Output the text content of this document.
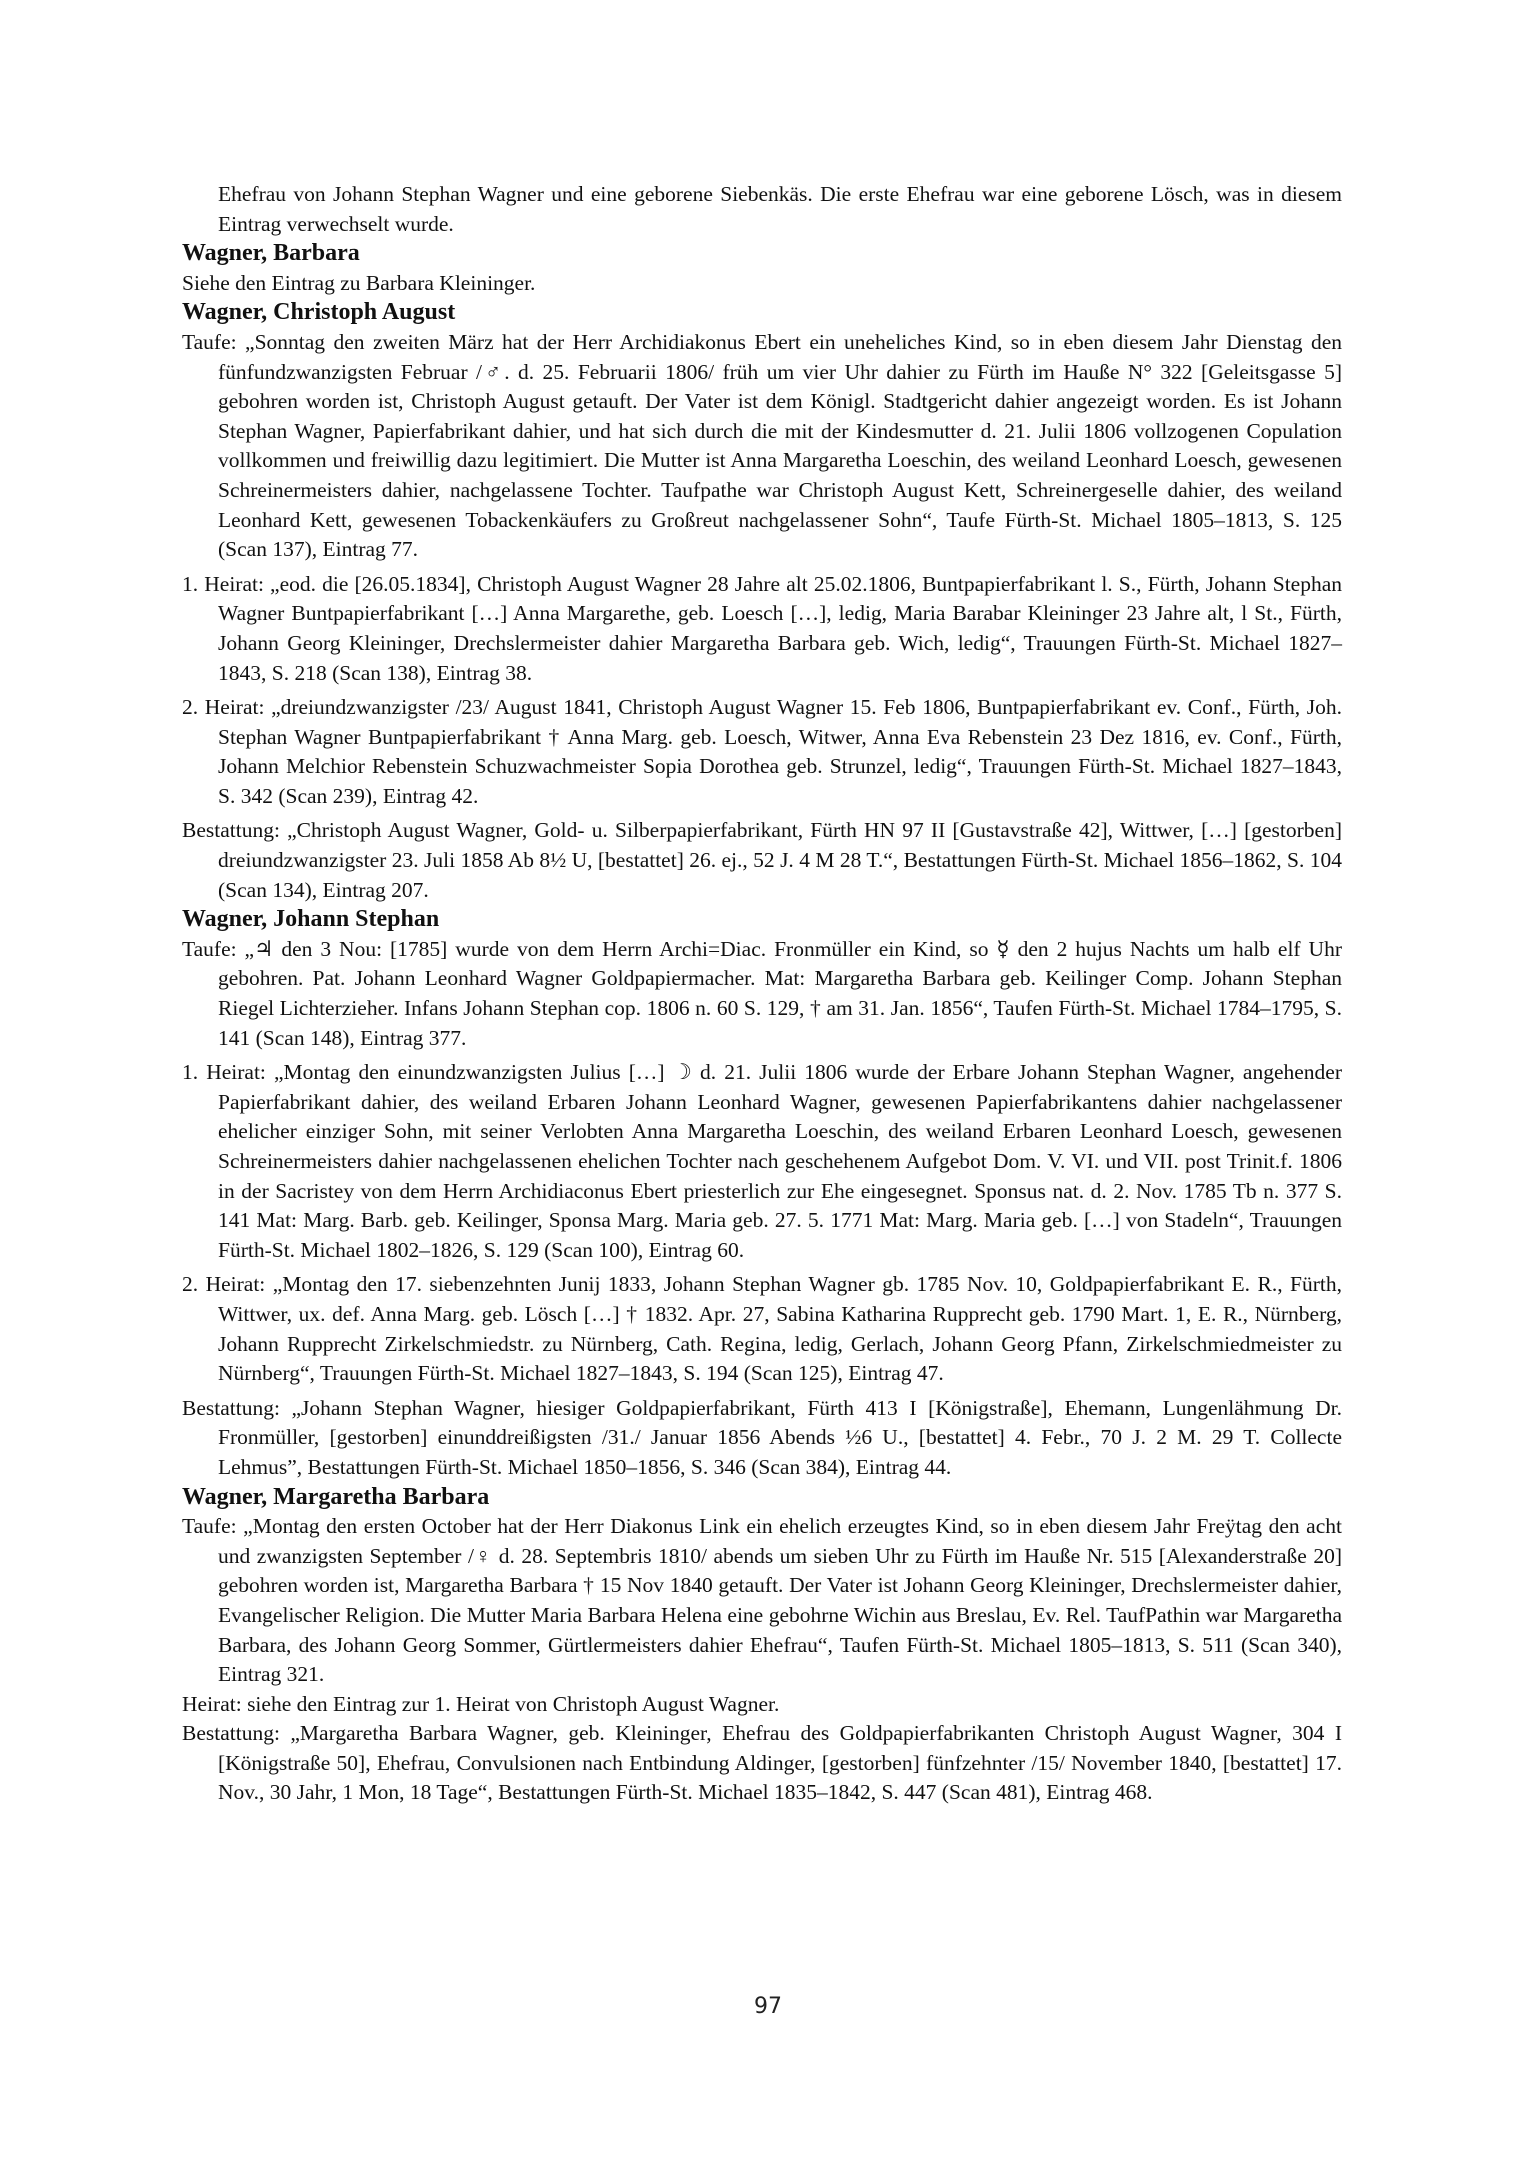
Ehefrau von Johann Stephan Wagner und eine geborene Siebenkäs. Die erste Ehefrau war eine geborene Lösch, was in diesem Eintrag verwechselt wurde.

Wagner, Barbara

Siehe den Eintrag zu Barbara Kleininger.

Wagner, Christoph August

Taufe: „Sonntag den zweiten März hat der Herr Archidiakonus Ebert ein uneheliches Kind, so in eben diesem Jahr Dienstag den fünfundzwanzigsten Februar /♂. d. 25. Februarii 1806/ früh um vier Uhr dahier zu Fürth im Hauße N° 322 [Geleitsgasse 5] gebohren worden ist, Christoph August getauft. Der Vater ist dem Königl. Stadtgericht dahier angezeigt worden. Es ist Johann Stephan Wagner, Papierfabrikant dahier, und hat sich durch die mit der Kindesmutter d. 21. Julii 1806 vollzogenen Copulation vollkommen und freiwillig dazu legitimiert. Die Mutter ist Anna Margaretha Loeschin, des weiland Leonhard Loesch, gewesenen Schreinermeisters dahier, nachgelassene Tochter. Taufpathe war Christoph August Kett, Schreinergeselle dahier, des weiland Leonhard Kett, gewesenen Tobackenkäufers zu Großreut nachgelassener Sohn“, Taufe Fürth-St. Michael 1805–1813, S. 125 (Scan 137), Eintrag 77.

1. Heirat: „eod. die [26.05.1834], Christoph August Wagner 28 Jahre alt 25.02.1806, Buntpapierfabrikant l. S., Fürth, Johann Stephan Wagner Buntpapierfabrikant […] Anna Margarethe, geb. Loesch […], ledig, Maria Barabar Kleininger 23 Jahre alt, l St., Fürth, Johann Georg Kleininger, Drechslermeister dahier Margaretha Barbara geb. Wich, ledig“, Trauungen Fürth-St. Michael 1827–1843, S. 218 (Scan 138), Eintrag 38.

2. Heirat: „dreiundzwanzigster /23/ August 1841, Christoph August Wagner 15. Feb 1806, Buntpapierfabrikant ev. Conf., Fürth, Joh. Stephan Wagner Buntpapierfabrikant † Anna Marg. geb. Loesch, Witwer, Anna Eva Rebenstein 23 Dez 1816, ev. Conf., Fürth, Johann Melchior Rebenstein Schuzwachmeister Sopia Dorothea geb. Strunzel, ledig“, Trauungen Fürth-St. Michael 1827–1843, S. 342 (Scan 239), Eintrag 42.

Bestattung: „Christoph August Wagner, Gold- u. Silberpapierfabrikant, Fürth HN 97 II [Gustavstraße 42], Wittwer, […] [gestorben] dreiundzwanzigster 23. Juli 1858 Ab 8½ U, [bestattet] 26. ej., 52 J. 4 M 28 T.“, Bestattungen Fürth-St. Michael 1856–1862, S. 104 (Scan 134), Eintrag 207.

Wagner, Johann Stephan

Taufe: „♃ den 3 Nou: [1785] wurde von dem Herrn Archi=Diac. Fronmüller ein Kind, so ☿ den 2 hujus Nachts um halb elf Uhr gebohren. Pat. Johann Leonhard Wagner Goldpapiermacher. Mat: Margaretha Barbara geb. Keilinger Comp. Johann Stephan Riegel Lichterzieher. Infans Johann Stephan cop. 1806 n. 60 S. 129, † am 31. Jan. 1856“, Taufen Fürth-St. Michael 1784–1795, S. 141 (Scan 148), Eintrag 377.

1. Heirat: „Montag den einundzwanzigsten Julius […] ☽ d. 21. Julii 1806 wurde der Erbare Johann Stephan Wagner, angehender Papierfabrikant dahier, des weiland Erbaren Johann Leonhard Wagner, gewesenen Papierfabrikantens dahier nachgelassener ehelicher einziger Sohn, mit seiner Verlobten Anna Margaretha Loeschin, des weiland Erbaren Leonhard Loesch, gewesenen Schreinermeisters dahier nachgelassenen ehelichen Tochter nach geschehenem Aufgebot Dom. V. VI. und VII. post Trinit.f. 1806 in der Sacristey von dem Herrn Archidiaconus Ebert priesterlich zur Ehe eingesegnet. Sponsus nat. d. 2. Nov. 1785 Tb n. 377 S. 141 Mat: Marg. Barb. geb. Keilinger, Sponsa Marg. Maria geb. 27. 5. 1771 Mat: Marg. Maria geb. […] von Stadeln“, Trauungen Fürth-St. Michael 1802–1826, S. 129 (Scan 100), Eintrag 60.

2. Heirat: „Montag den 17. siebenzehnten Junij 1833, Johann Stephan Wagner gb. 1785 Nov. 10, Goldpapierfabrikant E. R., Fürth, Wittwer, ux. def. Anna Marg. geb. Lösch […] † 1832. Apr. 27, Sabina Katharina Rupprecht geb. 1790 Mart. 1, E. R., Nürnberg, Johann Rupprecht Zirkelschmiedstr. zu Nürnberg, Cath. Regina, ledig, Gerlach, Johann Georg Pfann, Zirkelschmiedmeister zu Nürnberg“, Trauungen Fürth-St. Michael 1827–1843, S. 194 (Scan 125), Eintrag 47.

Bestattung: „Johann Stephan Wagner, hiesiger Goldpapierfabrikant, Fürth 413 I [Königstraße], Ehemann, Lungenlähmung Dr. Fronmüller, [gestorben] einunddreißigsten /31./ Januar 1856 Abends ½6 U., [bestattet] 4. Febr., 70 J. 2 M. 29 T. Collecte Lehmus”, Bestattungen Fürth-St. Michael 1850–1856, S. 346 (Scan 384), Eintrag 44.

Wagner, Margaretha Barbara

Taufe: „Montag den ersten October hat der Herr Diakonus Link ein ehelich erzeugtes Kind, so in eben diesem Jahr Freÿtag den acht und zwanzigsten September /♀ d. 28. Septembris 1810/ abends um sieben Uhr zu Fürth im Hauße Nr. 515 [Alexanderstraße 20] gebohren worden ist, Margaretha Barbara † 15 Nov 1840 getauft. Der Vater ist Johann Georg Kleininger, Drechslermeister dahier, Evangelischer Religion. Die Mutter Maria Barbara Helena eine gebohrne Wichin aus Breslau, Ev. Rel. TaufPathin war Margaretha Barbara, des Johann Georg Sommer, Gürtlermeisters dahier Ehefrau“, Taufen Fürth-St. Michael 1805–1813, S. 511 (Scan 340), Eintrag 321.

Heirat: siehe den Eintrag zur 1. Heirat von Christoph August Wagner.

Bestattung: „Margaretha Barbara Wagner, geb. Kleininger, Ehefrau des Goldpapierfabrikanten Christoph August Wagner, 304 I [Königstraße 50], Ehefrau, Convulsionen nach Entbindung Aldinger, [gestorben] fünfzehnter /15/ November 1840, [bestattet] 17. Nov., 30 Jahr, 1 Mon, 18 Tage“, Bestattungen Fürth-St. Michael 1835–1842, S. 447 (Scan 481), Eintrag 468.

97
